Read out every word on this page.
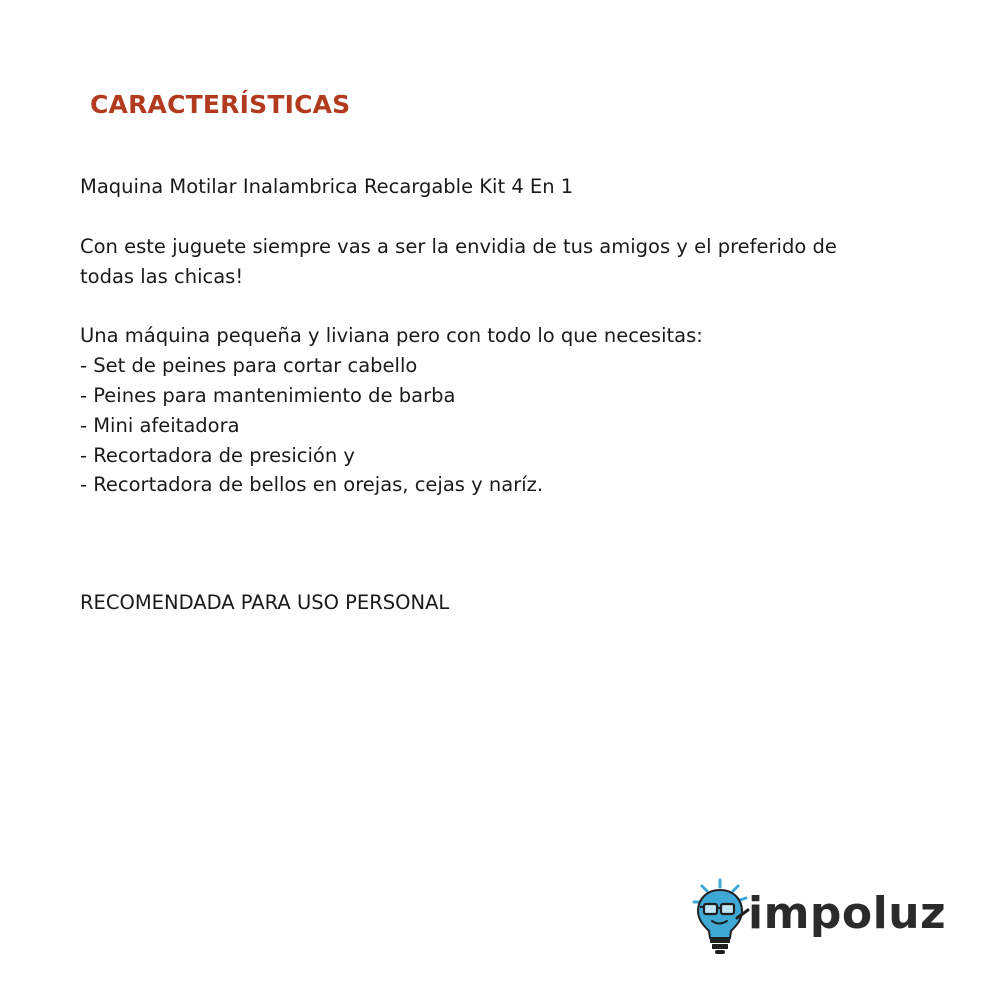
CARACTERÍSTICAS

Maquina Motilar Inalambrica Recargable Kit 4 En 1

Con este juguete siempre vas a ser la envidia de tus amigos y el preferido de

todas las chicas!

Una máquina pequeña y liviana pero con todo lo que necesitas:

- Set de peines para cortar cabello
- Peines para mantenimiento de barba
- Mini afeitadora
- Recortadora de presición y
- Recortadora de bellos en orejas, cejas y naríz.

RECOMENDADA PARA USO PERSONAL

impoluz
